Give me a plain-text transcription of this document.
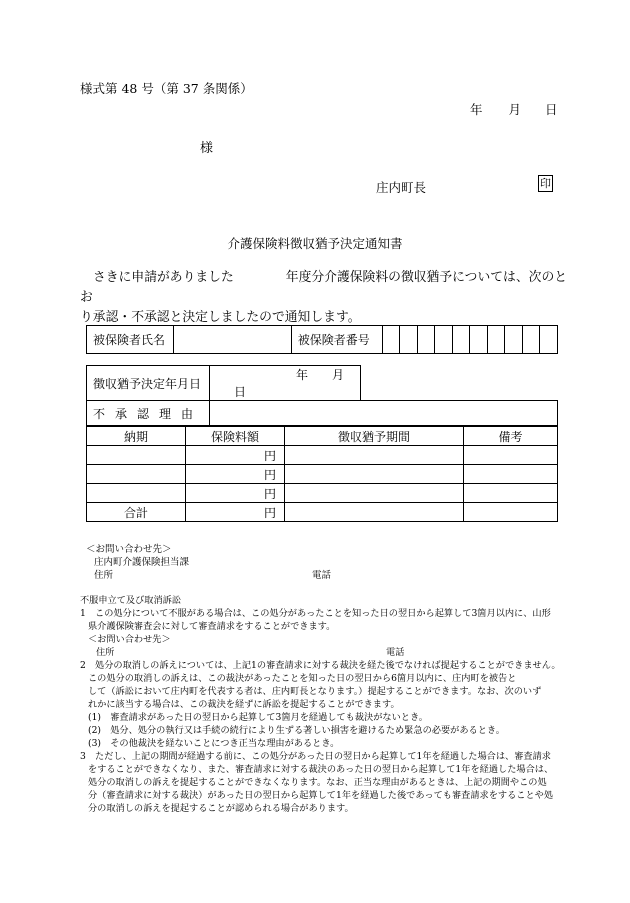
様式第 48 号（第 37 条関係）
年 月 日
様
庄内町長	印
介護保険料徴収猶予決定通知書

さきに申請がありました	年度分介護保険料の徴収猶予については、次のとお

り承認・不承認と決定しましたので通知します。

被保険者氏名		被保険者番号										
徴収猶予決定年月日	年 月日	
不承認理由		
納期	保険料額	徴収猶予期間	備考
	円		
	円		
	円		
合計	円		
＜お問い合わせ先＞
庄内町介護保険担当課
住所	電話
不服申立て及び取消訴訟
1　この処分について不服がある場合は、この処分があったことを知った日の翌日から起算して3箇月以内に、山形
県介護保険審査会に対して審査請求をすることができます。
＜お問い合わせ先＞
住所	電話
2　処分の取消しの訴えについては、上記1の審査請求に対する裁決を経た後でなければ提起することができません。
この処分の取消しの訴えは、この裁決があったことを知った日の翌日から6箇月以内に、庄内町を被告と
して（訴訟において庄内町を代表する者は、庄内町長となります。）提起することができます。なお、次のいず
れかに該当する場合は、この裁決を経ずに訴訟を提起することができます。
(1)　審査請求があった日の翌日から起算して3箇月を経過しても裁決がないとき。
(2)　処分、処分の執行又は手続の続行により生ずる著しい損害を避けるため緊急の必要があるとき。
(3)　その他裁決を経ないことにつき正当な理由があるとき。
3　ただし、上記の期間が経過する前に、この処分があった日の翌日から起算して1年を経過した場合は、審査請求
をすることができなくなり、また、審査請求に対する裁決のあった日の翌日から起算して1年を経過した場合は、
処分の取消しの訴えを提起することができなくなります。なお、正当な理由があるときは、上記の期間やこの処
分（審査請求に対する裁決）があった日の翌日から起算して1年を経過した後であっても審査請求をすることや処
分の取消しの訴えを提起することが認められる場合があります。
